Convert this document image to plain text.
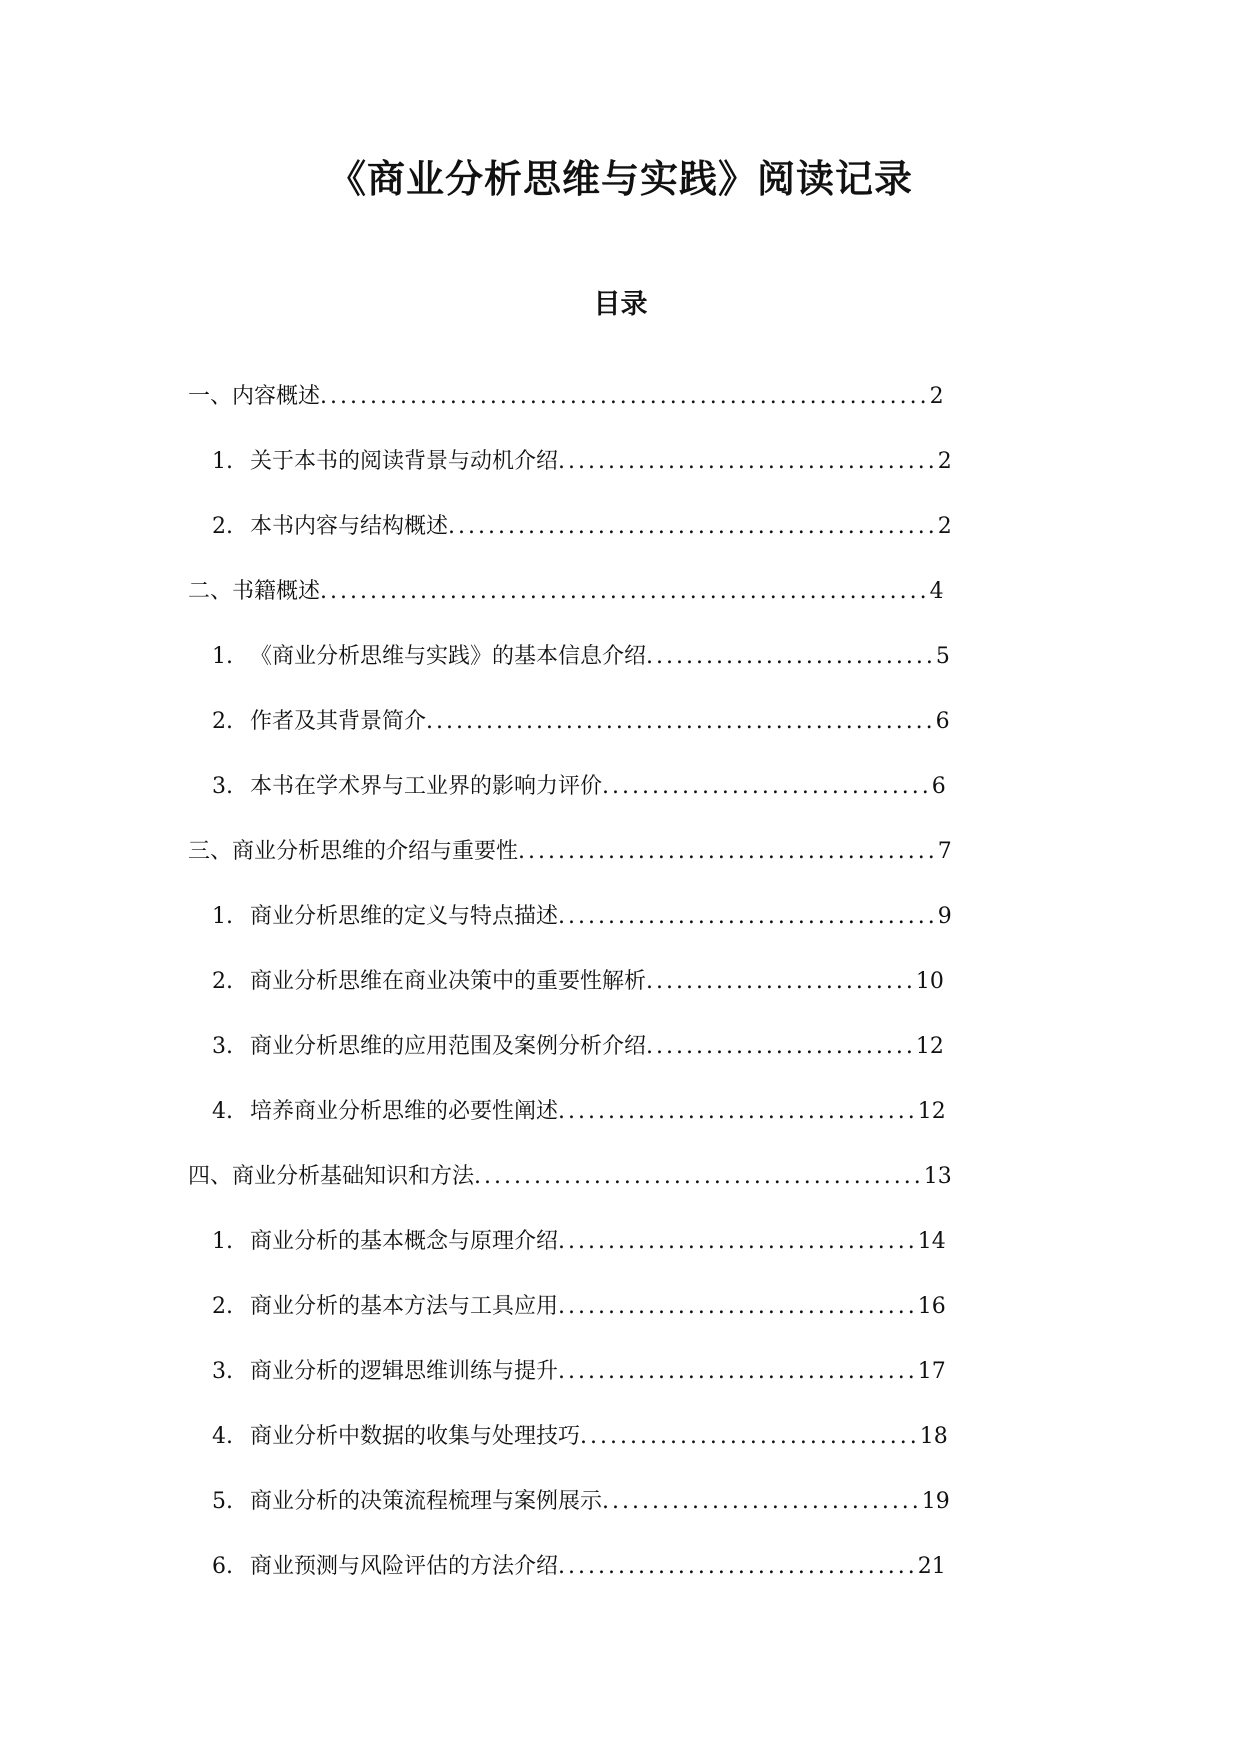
《商业分析思维与实践》阅读记录
目录
一、内容概述 ............................................................. 2
1. 关于本书的阅读背景与动机介绍 ...................................... 2
2. 本书内容与结构概述 ................................................. 2
二、书籍概述 ............................................................. 4
1. 《商业分析思维与实践》的基本信息介绍 ............................. 5
2. 作者及其背景简介 ................................................... 6
3. 本书在学术界与工业界的影响力评价 ................................. 6
三、商业分析思维的介绍与重要性 .......................................... 7
1. 商业分析思维的定义与特点描述 ...................................... 9
2. 商业分析思维在商业决策中的重要性解析 ........................... 10
3. 商业分析思维的应用范围及案例分析介绍 ........................... 12
4. 培养商业分析思维的必要性阐述 .................................... 12
四、商业分析基础知识和方法 ............................................. 13
1. 商业分析的基本概念与原理介绍 .................................... 14
2. 商业分析的基本方法与工具应用 .................................... 16
3. 商业分析的逻辑思维训练与提升 .................................... 17
4. 商业分析中数据的收集与处理技巧 .................................. 18
5. 商业分析的决策流程梳理与案例展示 ................................ 19
6. 商业预测与风险评估的方法介绍 .................................... 21
